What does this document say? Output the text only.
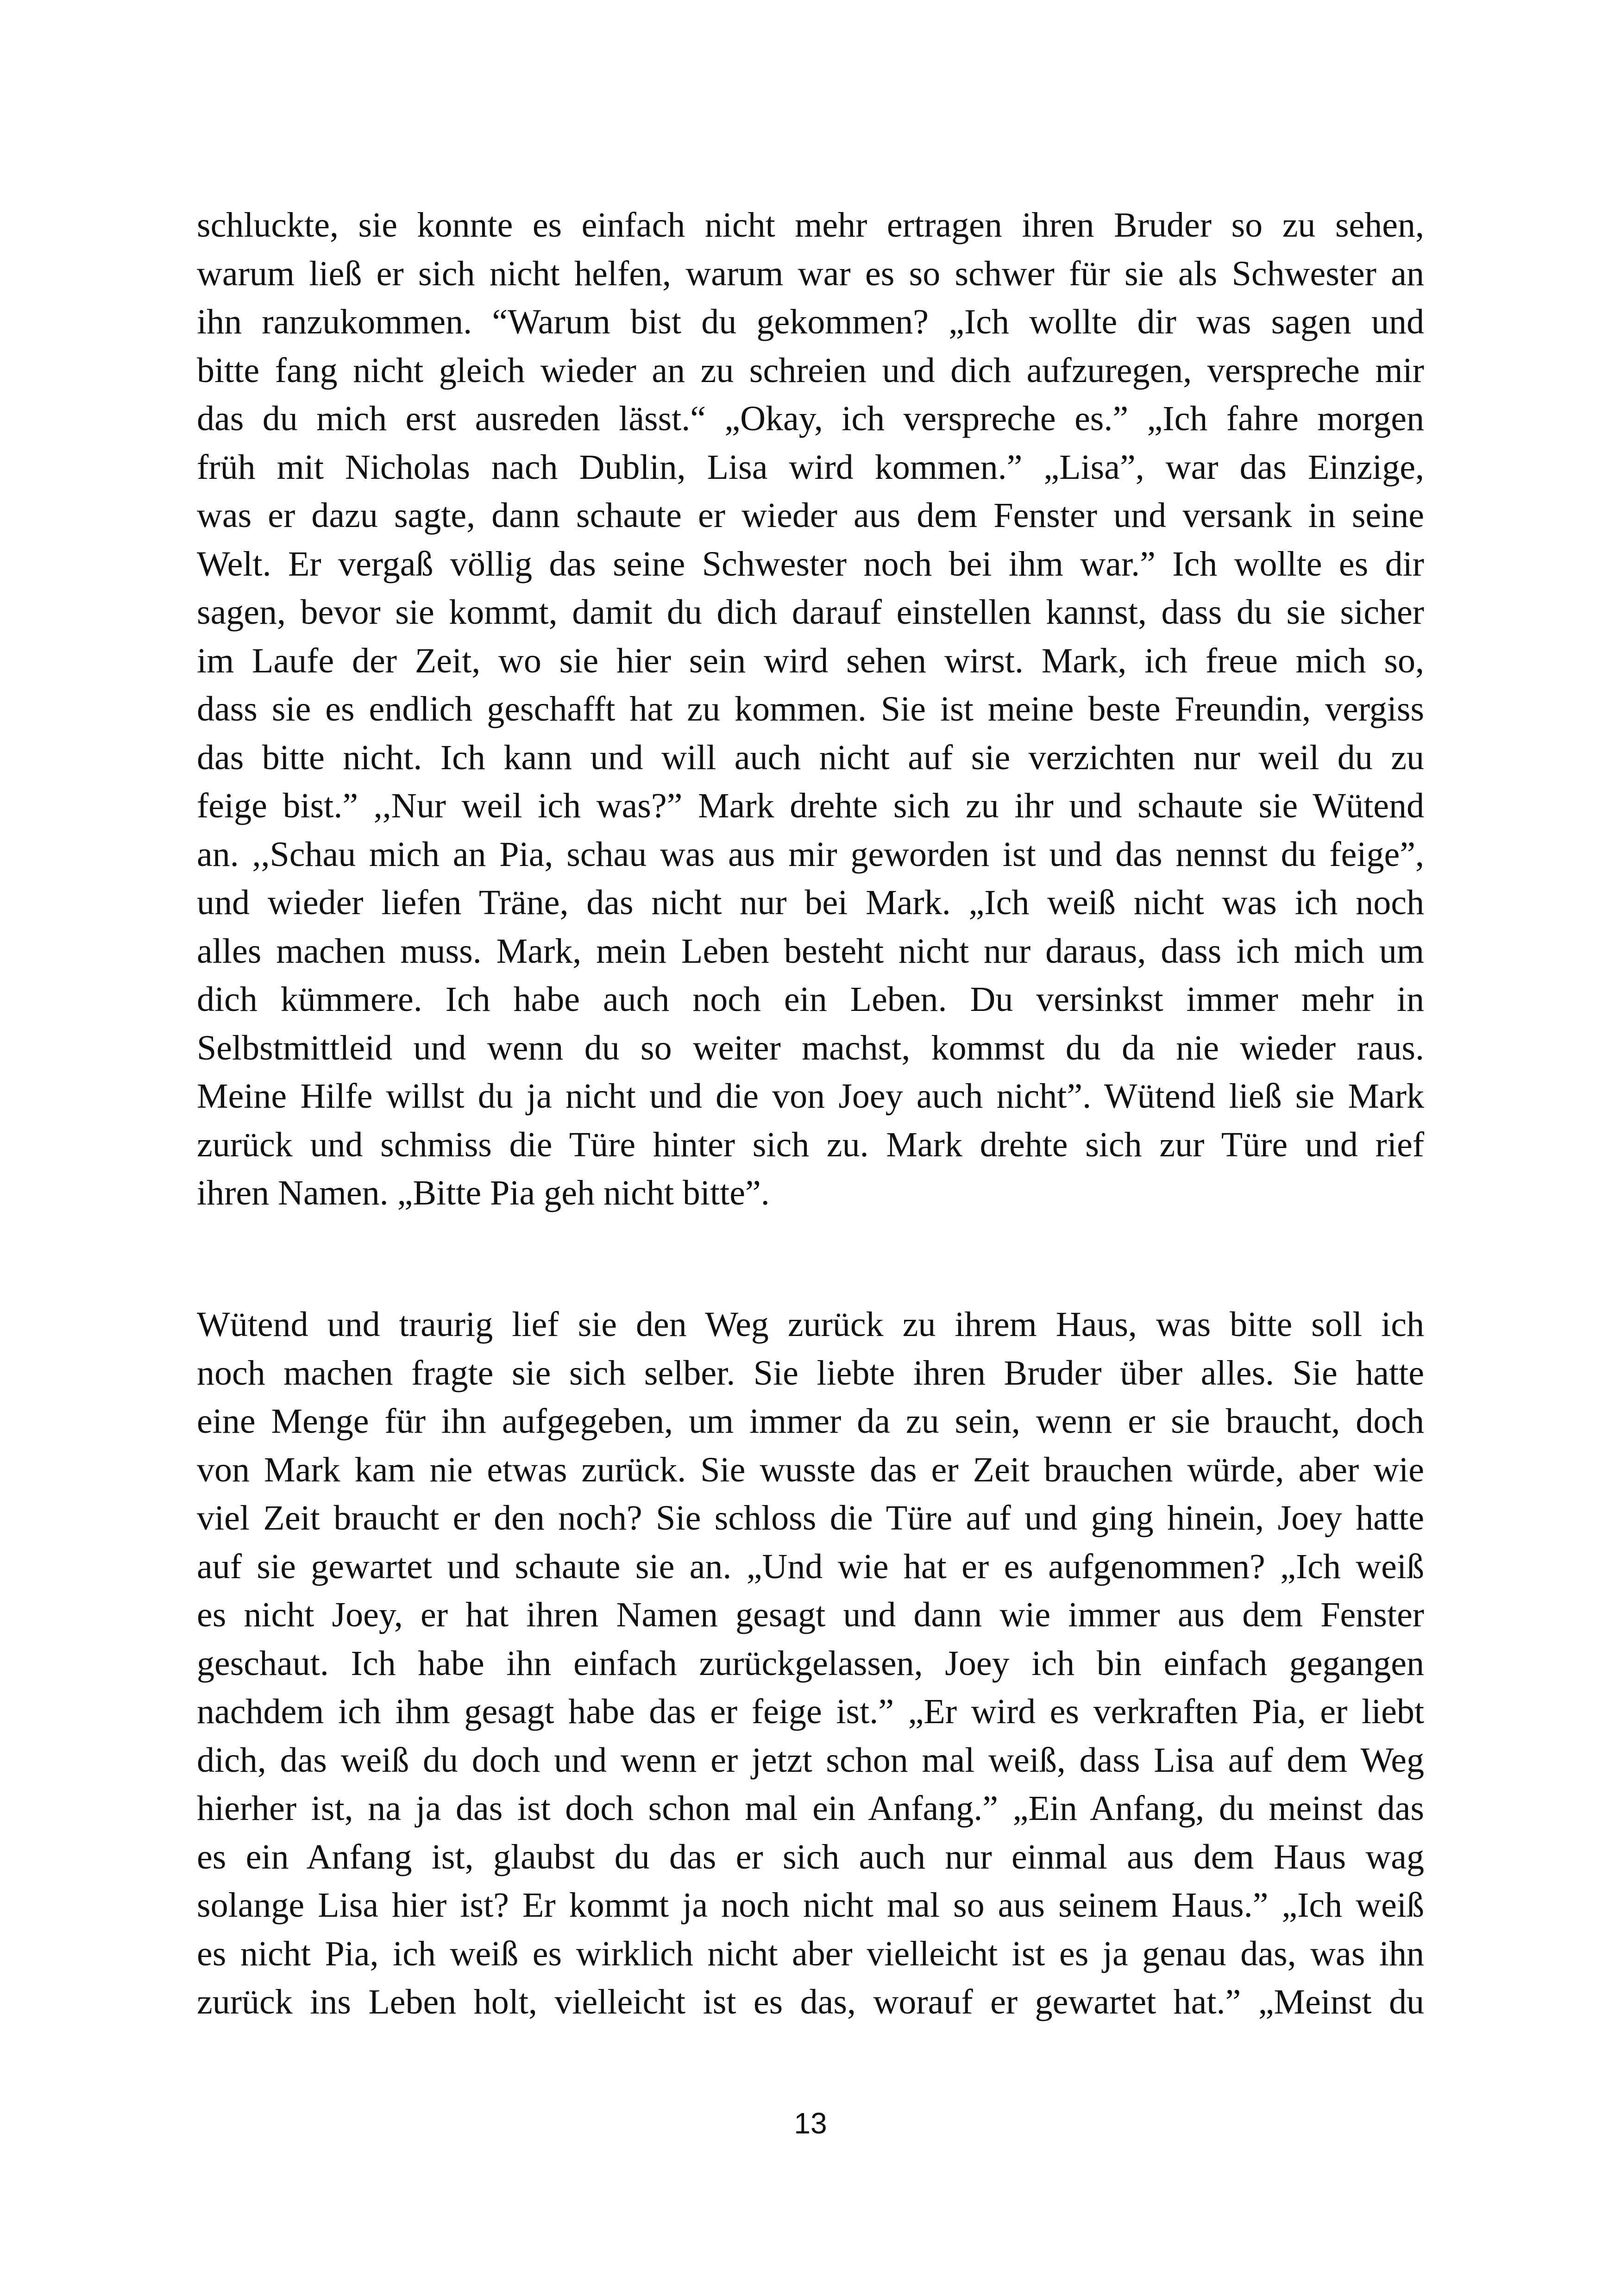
schluckte, sie konnte es einfach nicht mehr ertragen ihren Bruder so zu sehen,
warum ließ er sich nicht helfen, warum war es so schwer für sie als Schwester an
ihn ranzukommen. “Warum bist du gekommen? „Ich wollte dir was sagen und
bitte fang nicht gleich wieder an zu schreien und dich aufzuregen, verspreche mir
das du mich erst ausreden lässt.“ „Okay, ich verspreche es.” „Ich fahre morgen
früh mit Nicholas nach Dublin, Lisa wird kommen.” „Lisa”, war das Einzige,
was er dazu sagte, dann schaute er wieder aus dem Fenster und versank in seine
Welt. Er vergaß völlig das seine Schwester noch bei ihm war.” Ich wollte es dir
sagen, bevor sie kommt, damit du dich darauf einstellen kannst, dass du sie sicher
im Laufe der Zeit, wo sie hier sein wird sehen wirst. Mark, ich freue mich so,
dass sie es endlich geschafft hat zu kommen. Sie ist meine beste Freundin, vergiss
das bitte nicht. Ich kann und will auch nicht auf sie verzichten nur weil du zu
feige bist.” ,,Nur weil ich was?” Mark drehte sich zu ihr und schaute sie Wütend
an. ,,Schau mich an Pia, schau was aus mir geworden ist und das nennst du feige”,
und wieder liefen Träne, das nicht nur bei Mark. „Ich weiß nicht was ich noch
alles machen muss. Mark, mein Leben besteht nicht nur daraus, dass ich mich um
dich kümmere. Ich habe auch noch ein Leben. Du versinkst immer mehr in
Selbstmittleid und wenn du so weiter machst, kommst du da nie wieder raus.
Meine Hilfe willst du ja nicht und die von Joey auch nicht”. Wütend ließ sie Mark
zurück und schmiss die Türe hinter sich zu. Mark drehte sich zur Türe und rief
ihren Namen. „Bitte Pia geh nicht bitte”.

Wütend und traurig lief sie den Weg zurück zu ihrem Haus, was bitte soll ich
noch machen fragte sie sich selber. Sie liebte ihren Bruder über alles. Sie hatte
eine Menge für ihn aufgegeben, um immer da zu sein, wenn er sie braucht, doch
von Mark kam nie etwas zurück. Sie wusste das er Zeit brauchen würde, aber wie
viel Zeit braucht er den noch? Sie schloss die Türe auf und ging hinein, Joey hatte
auf sie gewartet und schaute sie an. „Und wie hat er es aufgenommen? „Ich weiß
es nicht Joey, er hat ihren Namen gesagt und dann wie immer aus dem Fenster
geschaut. Ich habe ihn einfach zurückgelassen, Joey ich bin einfach gegangen
nachdem ich ihm gesagt habe das er feige ist.” „Er wird es verkraften Pia, er liebt
dich, das weiß du doch und wenn er jetzt schon mal weiß, dass Lisa auf dem Weg
hierher ist, na ja das ist doch schon mal ein Anfang.” „Ein Anfang, du meinst das
es ein Anfang ist, glaubst du das er sich auch nur einmal aus dem Haus wag
solange Lisa hier ist? Er kommt ja noch nicht mal so aus seinem Haus.” „Ich weiß
es nicht Pia, ich weiß es wirklich nicht aber vielleicht ist es ja genau das, was ihn
zurück ins Leben holt, vielleicht ist es das, worauf er gewartet hat.” „Meinst du

13
